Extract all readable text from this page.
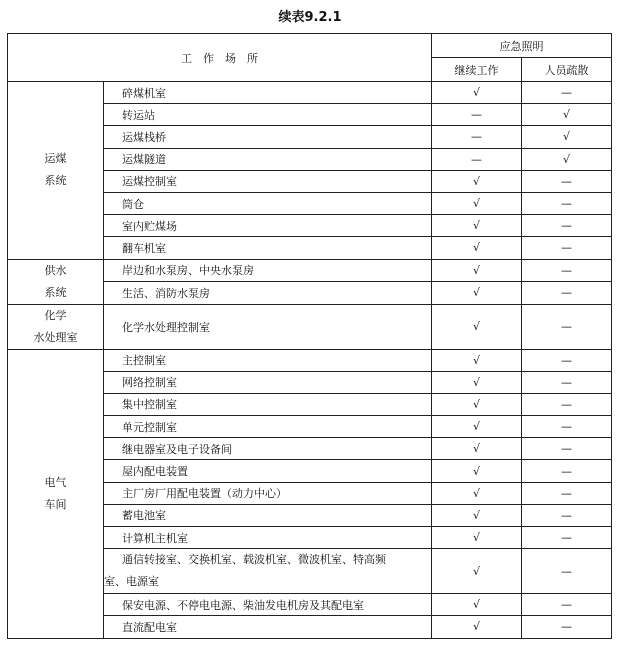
续表9.2.1
工　作　场　所		应急照明	
		继续工作	人员疏散
运煤
系统	碎煤机室	√	—
	转运站	—	√
	运煤栈桥	—	√
	运煤隧道	—	√
	运煤控制室	√	—
	筒仓	√	—
	室内贮煤场	√	—
	翻车机室	√	—
供水
系统	岸边和水泵房、中央水泵房	√	—
	生活、消防水泵房	√	—
化学
水处理室	化学水处理控制室	√	—
电气
车间	主控制室	√	—
	网络控制室	√	—
	集中控制室	√	—
	单元控制室	√	—
	继电器室及电子设备间	√	—
	屋内配电装置	√	—
	主厂房厂用配电装置（动力中心）	√	—
	蓄电池室	√	—
	计算机主机室	√	—
	通信转接室、交换机室、载波机室、微波机室、特高频
室、电源室	√	—
	保安电源、不停电电源、柴油发电机房及其配电室	√	—
	直流配电室	√	—
